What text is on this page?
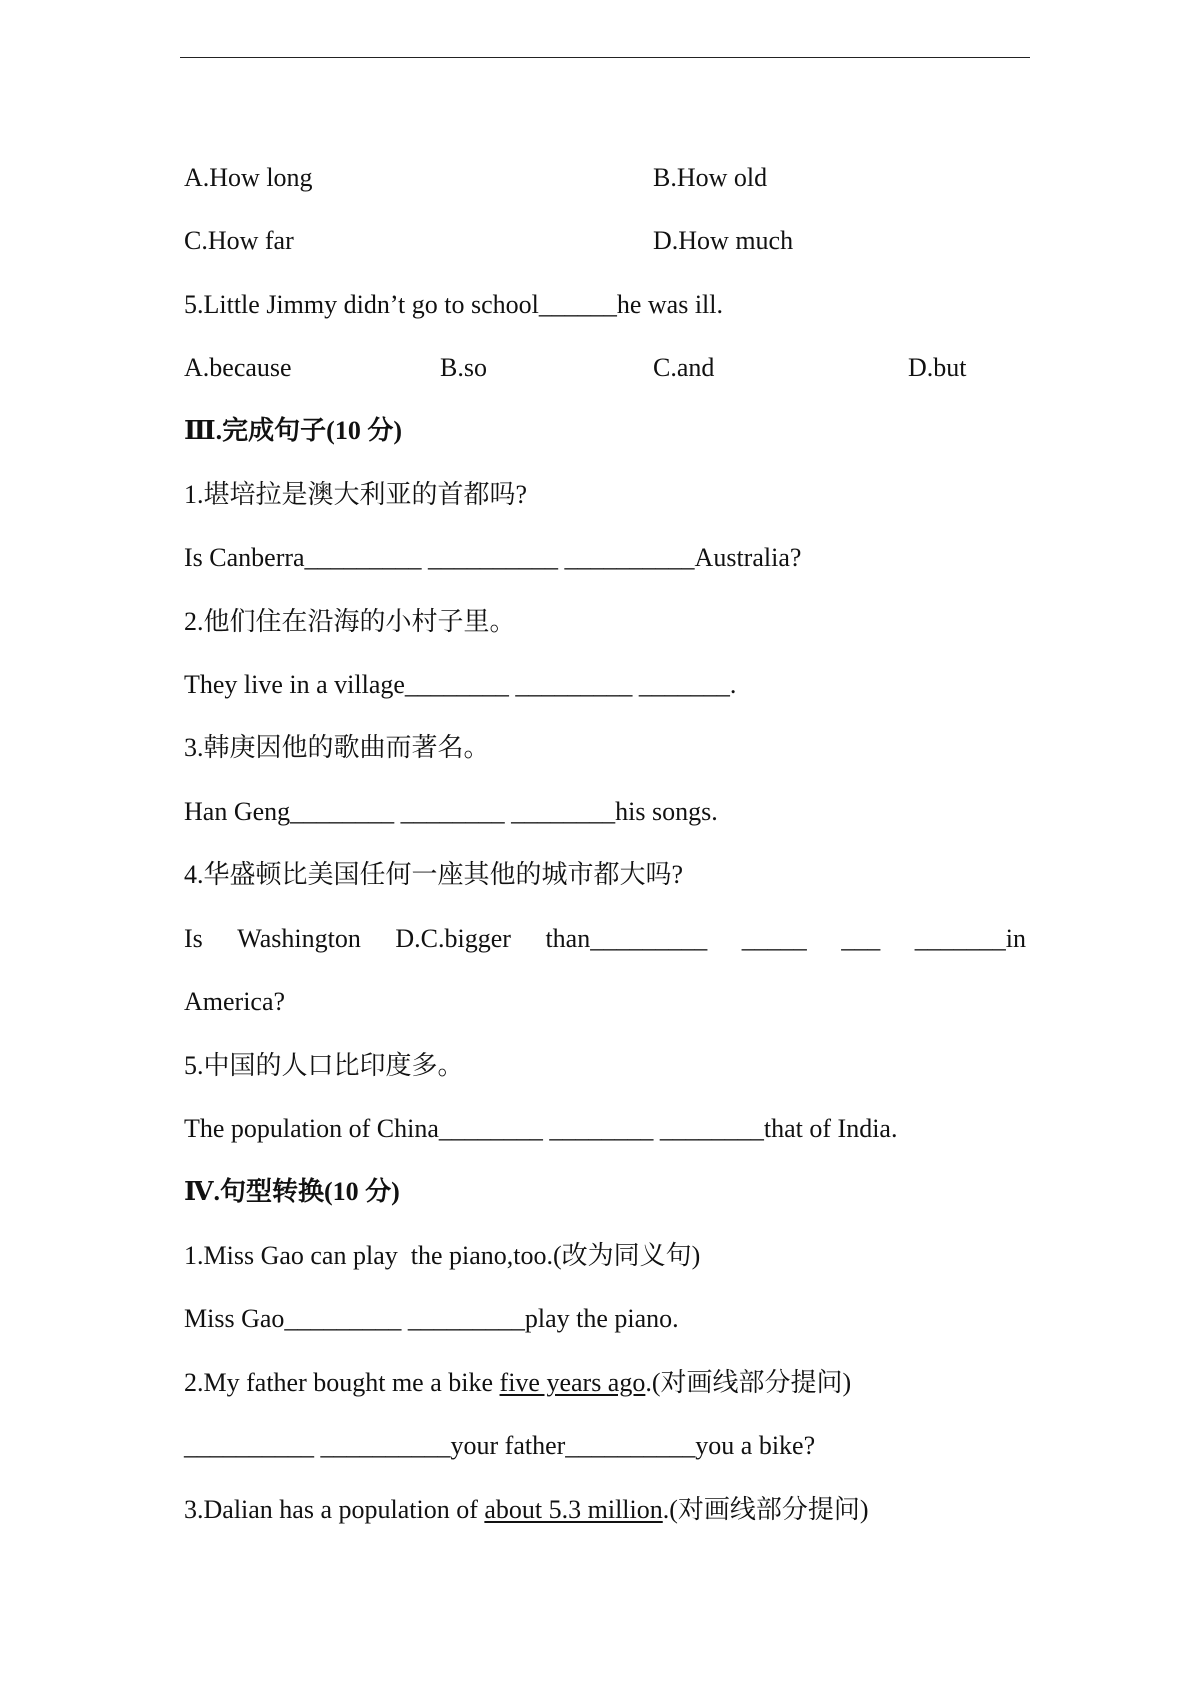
A.How long

	B.How old

C.How far

	D.How much

5.Little Jimmy didn’t go to school______he was ill.

A.because

	B.so

	C.and

	D.but

Ⅲ.完成句子(10 分)
1.堪培拉是澳大利亚的首都吗?
Is Canberra_________ __________ __________Australia?
2.他们住在沿海的小村子里。
They live in a village________ _________ _______.
3.韩庚因他的歌曲而著名。
Han Geng________ ________ ________his songs.
4.华盛顿比美国任何一座其他的城市都大吗?
Is Washington D.C.bigger than_________ _____ ___ _______in
America?
5.中国的人口比印度多。
The population of China________ ________ ________that of India.
Ⅳ.句型转换(10 分)
1.Miss Gao can play  the piano,too.(改为同义句)
Miss Gao_________ _________play the piano.
2.My father bought me a bike five years ago.(对画线部分提问)
__________ __________your father__________you a bike?
3.Dalian has a population of about 5.3 million.(对画线部分提问)
